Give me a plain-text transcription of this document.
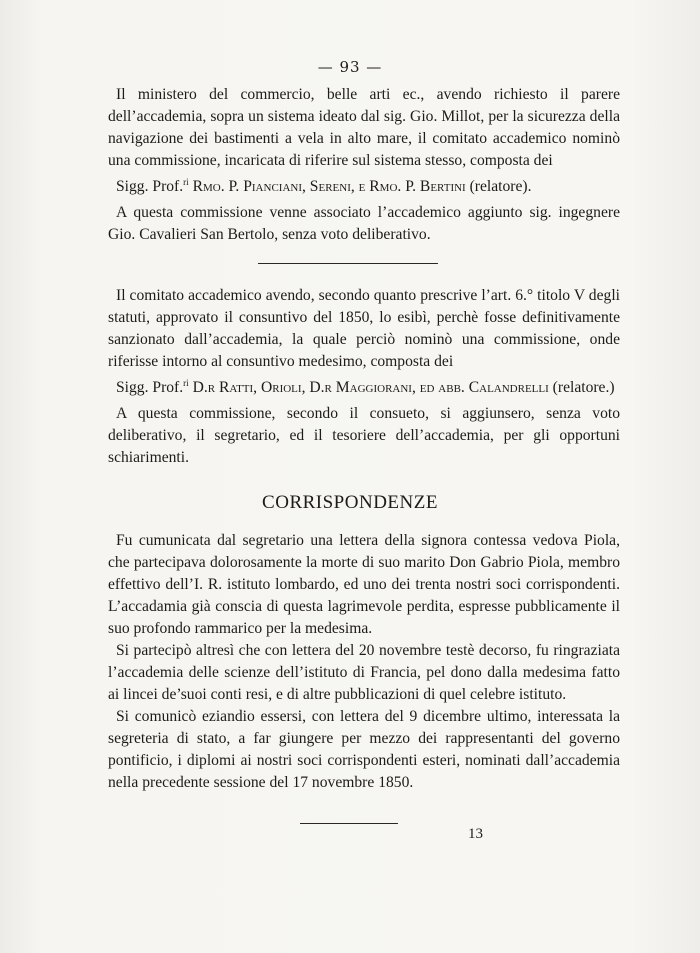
— 93 —

Il ministero del commercio, belle arti ec., avendo richiesto il parere dell’accademia, sopra un sistema ideato dal sig. Gio. Millot, per la sicurezza della navigazione dei bastimenti a vela in alto mare, il comitato accademico nominò una commissione, incaricata di riferire sul sistema stesso, composta dei

Sigg. Prof.$^{ri}$ Rmo. P. Pianciani, Sereni, e Rmo. P. Bertini (relatore).

A questa commissione venne associato l’accademico aggiunto sig. ingegnere Gio. Cavalieri San Bertolo, senza voto deliberativo.

Il comitato accademico avendo, secondo quanto prescrive l’art. 6.° titolo V degli statuti, approvato il consuntivo del 1850, lo esibì, perchè fosse definitivamente sanzionato dall’accademia, la quale perciò nominò una commissione, onde riferisse intorno al consuntivo medesimo, composta dei

Sigg. Prof.$^{ri}$ D.r Ratti, Orioli, D.r Maggiorani, ed abb. Calandrelli (relatore.)

A questa commissione, secondo il consueto, si aggiunsero, senza voto deliberativo, il segretario, ed il tesoriere dell’accademia, per gli opportuni schiarimenti.

CORRISPONDENZE

Fu cumunicata dal segretario una lettera della signora contessa vedova Piola, che partecipava dolorosamente la morte di suo marito Don Gabrio Piola, membro effettivo dell’I. R. istituto lombardo, ed uno dei trenta nostri soci corrispondenti. L’accadamia già conscia di questa lagrimevole perdita, espresse pubblicamente il suo profondo rammarico per la medesima.

Si partecipò altresì che con lettera del 20 novembre testè decorso, fu ringraziata l’accademia delle scienze dell’istituto di Francia, pel dono dalla medesima fatto ai lincei de’suoi conti resi, e di altre pubblicazioni di quel celebre istituto.

Si comunicò eziandio essersi, con lettera del 9 dicembre ultimo, interessata la segreteria di stato, a far giungere per mezzo dei rappresentanti del governo pontificio, i diplomi ai nostri soci corrispondenti esteri, nominati dall’accademia nella precedente sessione del 17 novembre 1850.

13
